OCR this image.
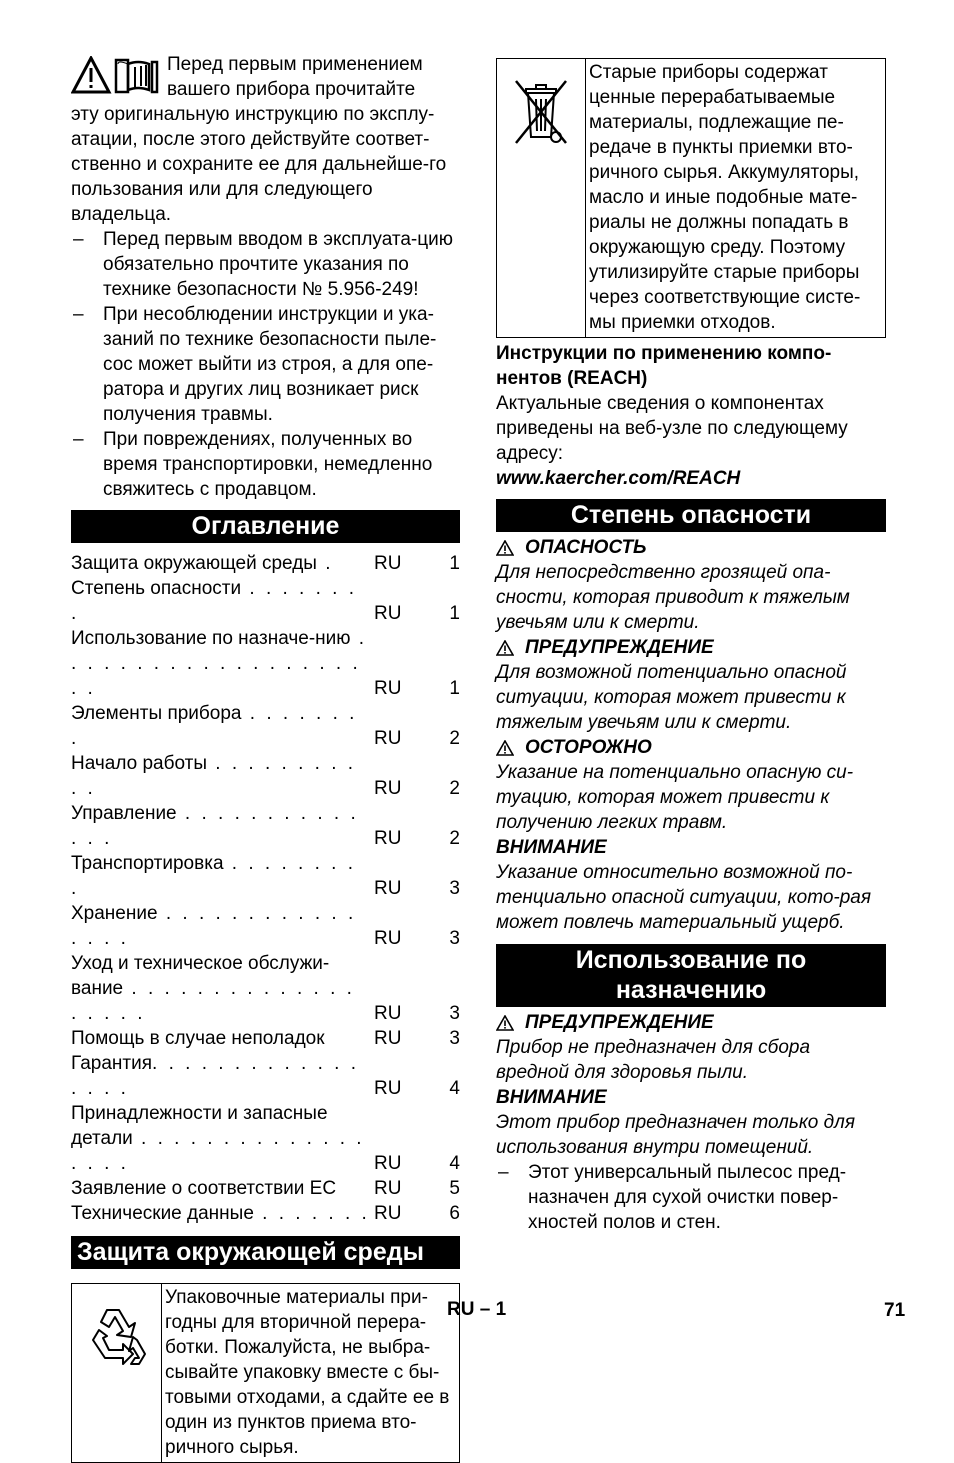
Перед первым применением

вашего прибора прочитайте

эту оригинальную инструкцию по эксплу-атации, после этого действуйте соответ-ственно и сохраните ее для дальнейше-го пользования или для следующего владельца.

– Перед первым вводом в эксплуата-цию обязательно прочтите указания по технике безопасности № 5.956-249!
– При несоблюдении инструкции и ука-заний по технике безопасности пыле-сос может выйти из строя, а для опе-ратора и других лиц возникает риск получения травмы.
– При повреждениях, полученных во время транспортировки, немедленно свяжитесь с продавцом.
Оглавление
Защита окружающей среды .	RU	1
Степень опасности . . . . . . . .	RU	1
Использование по назначе-нию . . . . . . . . . . . . . . . . . . . . .	RU	1
Элементы прибора . . . . . . . .	RU	2
Начало работы . . . . . . . . . . .	RU	2
Управление . . . . . . . . . . . . . .	RU	2
Транспортировка . . . . . . . . .	RU	3
Хранение . . . . . . . . . . . . . . . .	RU	3
Уход и техническое обслужи-вание . . . . . . . . . . . . . . . . . . .	RU	3
Помощь в случае неполадок	RU	3
Гарантия. . . . . . . . . . . . . . . . .	RU	4
Принадлежности и запасные детали . . . . . . . . . . . . . . . . . .	RU	4
Заявление о соответствии ЕС	RU	5
Технические данные . . . . . . . RU	6
Защита окружающей среды
Упаковочные материалы при-годны для вторичной перера-ботки. Пожалуйста, не выбра-сывайте упаковку вместе с бы-товыми отходами, а сдайте ее в один из пунктов приема вто-ричного сырья.
Старые приборы содержат ценные перерабатываемые материалы, подлежащие пе-редаче в пункты приемки вто-ричного сырья. Аккумуляторы, масло и иные подобные мате-риалы не должны попадать в окружающую среду. Поэтому утилизируйте старые приборы через соответствующие систе-мы приемки отходов.

Инструкции по применению компо-нентов (REACH)

Актуальные сведения о компонентах приведены на веб-узле по следующему адресу:

www.kaercher.com/REACH

Степень опасности
ОПАСНОСТЬ

Для непосредственно грозящей опа-сности, которая приводит к тяжелым увечьям или к смерти.

ПРЕДУПРЕЖДЕНИЕ

Для возможной потенциально опасной ситуации, которая может привести к тяжелым увечьям или к смерти.

ОСТОРОЖНО

Указание на потенциально опасную си-туацию, которая может привести к получению легких травм.

ВНИМАНИЕ

Указание относительно возможной по-тенциально опасной ситуации, кото-рая может повлечь материальный ущерб.

Использование по назначению
ПРЕДУПРЕЖДЕНИЕ

Прибор не предназначен для сбора вредной для здоровья пыли.

ВНИМАНИЕ

Этот прибор предназначен только для использования внутри помещений.

– Этот универсальный пылесос пред-назначен для сухой очистки повер-хностей полов и стен.
RU – 1	71
